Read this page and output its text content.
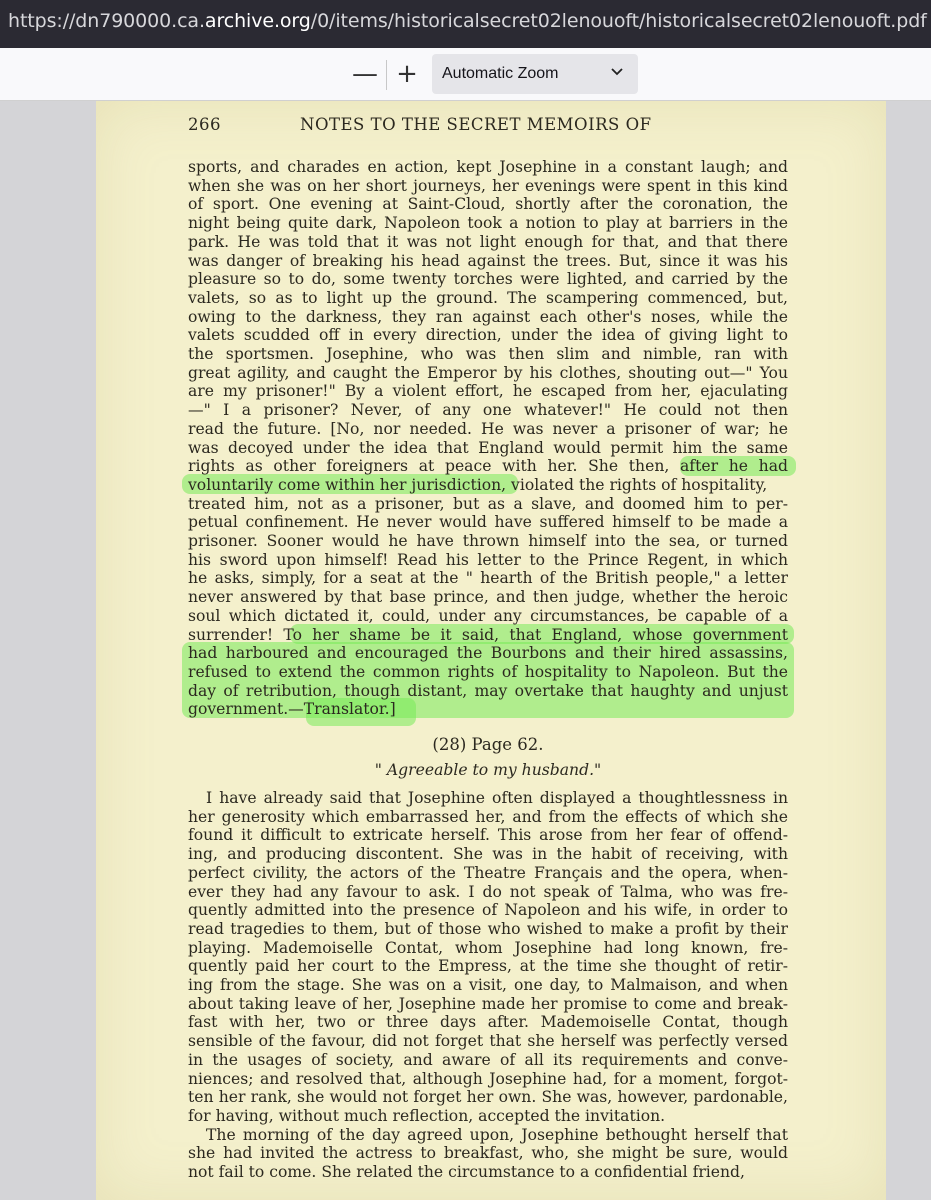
https://dn790000.ca.archive.org/0/items/historicalsecret02lenouoft/historicalsecret02lenouoft.pdf
— +	Automatic Zoom
266	NOTES TO THE SECRET MEMOIRS OF
sports, and charades en action, kept Josephine in a constant laugh; and
when she was on her short journeys, her evenings were spent in this kind
of sport. One evening at Saint-Cloud, shortly after the coronation, the
night being quite dark, Napoleon took a notion to play at barriers in the
park. He was told that it was not light enough for that, and that there
was danger of breaking his head against the trees. But, since it was his
pleasure so to do, some twenty torches were lighted, and carried by the
valets, so as to light up the ground. The scampering commenced, but,
owing to the darkness, they ran against each other's noses, while the
valets scudded off in every direction, under the idea of giving light to
the sportsmen. Josephine, who was then slim and nimble, ran with
great agility, and caught the Emperor by his clothes, shouting out—" You
are my prisoner!" By a violent effort, he escaped from her, ejaculating
—" I a prisoner? Never, of any one whatever!" He could not then
read the future. [No, nor needed. He was never a prisoner of war; he
was decoyed under the idea that England would permit him the same
rights as other foreigners at peace with her. She then, after he had
voluntarily come within her jurisdiction, violated the rights of hospitality,
treated him, not as a prisoner, but as a slave, and doomed him to per-
petual confinement. He never would have suffered himself to be made a
prisoner. Sooner would he have thrown himself into the sea, or turned
his sword upon himself! Read his letter to the Prince Regent, in which
he asks, simply, for a seat at the " hearth of the British people," a letter
never answered by that base prince, and then judge, whether the heroic
soul which dictated it, could, under any circumstances, be capable of a
surrender! To her shame be it said, that England, whose government
had harboured and encouraged the Bourbons and their hired assassins,
refused to extend the common rights of hospitality to Napoleon. But the
day of retribution, though distant, may overtake that haughty and unjust
government.—Translator.]
(28) Page 62.
" Agreeable to my husband."
I have already said that Josephine often displayed a thoughtlessness in
her generosity which embarrassed her, and from the effects of which she
found it difficult to extricate herself. This arose from her fear of offend-
ing, and producing discontent. She was in the habit of receiving, with
perfect civility, the actors of the Theatre Français and the opera, when-
ever they had any favour to ask. I do not speak of Talma, who was fre-
quently admitted into the presence of Napoleon and his wife, in order to
read tragedies to them, but of those who wished to make a profit by their
playing. Mademoiselle Contat, whom Josephine had long known, fre-
quently paid her court to the Empress, at the time she thought of retir-
ing from the stage. She was on a visit, one day, to Malmaison, and when
about taking leave of her, Josephine made her promise to come and break-
fast with her, two or three days after. Mademoiselle Contat, though
sensible of the favour, did not forget that she herself was perfectly versed
in the usages of society, and aware of all its requirements and conve-
niences; and resolved that, although Josephine had, for a moment, forgot-
ten her rank, she would not forget her own. She was, however, pardonable,
for having, without much reflection, accepted the invitation.
The morning of the day agreed upon, Josephine bethought herself that
she had invited the actress to breakfast, who, she might be sure, would
not fail to come. She related the circumstance to a confidential friend,
